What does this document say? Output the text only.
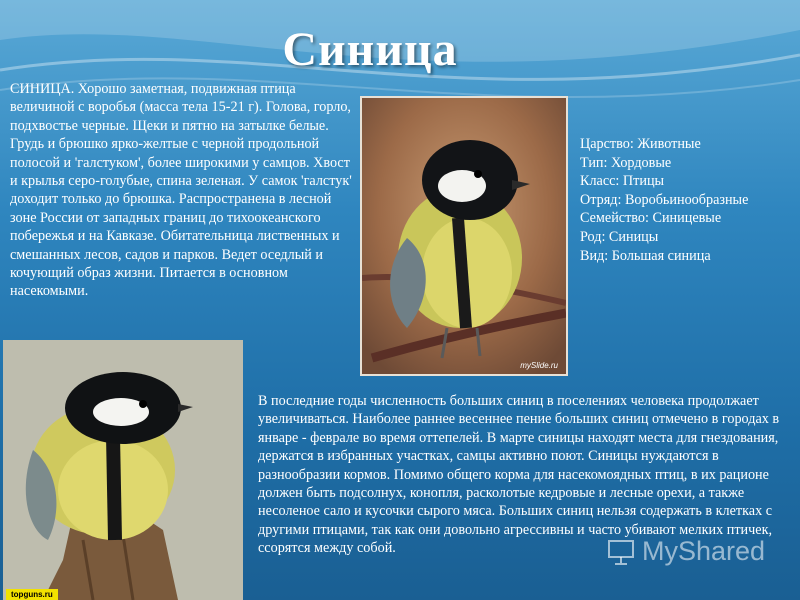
Синица
СИНИЦА. Хорошо заметная, подвижная птица величиной с воробья (масса тела 15-21 г). Голова, горло, подхвостье черные. Щеки и пятно на затылке белые. Грудь и брюшко ярко-желтые с черной продольной полосой и 'галстуком', более широкими у самцов. Хвост и крылья серо-голубые, спина зеленая. У самок 'галстук' доходит только до брюшка. Распространена в лесной зоне России от западных границ до тихоокеанского побережья и на Кавказе. Обитательница лиственных и смешанных лесов, садов и парков. Ведет оседлый и кочующий образ жизни. Питается в основном насекомыми.
mySlide.ru
Царство: Животные
Тип: Хордовые
Класс: Птицы
Отряд: Воробьинообразные
Семейство: Синицевые
Род: Синицы
Вид: Большая синица
topguns.ru
В последние годы численность больших синиц в поселениях человека продолжает увеличиваться. Наиболее раннее весеннее пение больших синиц отмечено в городах в январе - феврале во время оттепелей. В марте синицы находят места для гнездования, держатся в избранных участках, самцы активно поют. Синицы нуждаются в разнообразии кормов. Помимо общего корма для насекомоядных птиц, в их рационе должен быть подсолнух, конопля, расколотые кедровые и лесные орехи, а также несоленое сало и кусочки сырого мяса. Больших синиц нельзя содержать в клетках с другими птицами, так как они довольно агрессивны и часто убивают мелких птичек, ссорятся между собой.	MyShared
